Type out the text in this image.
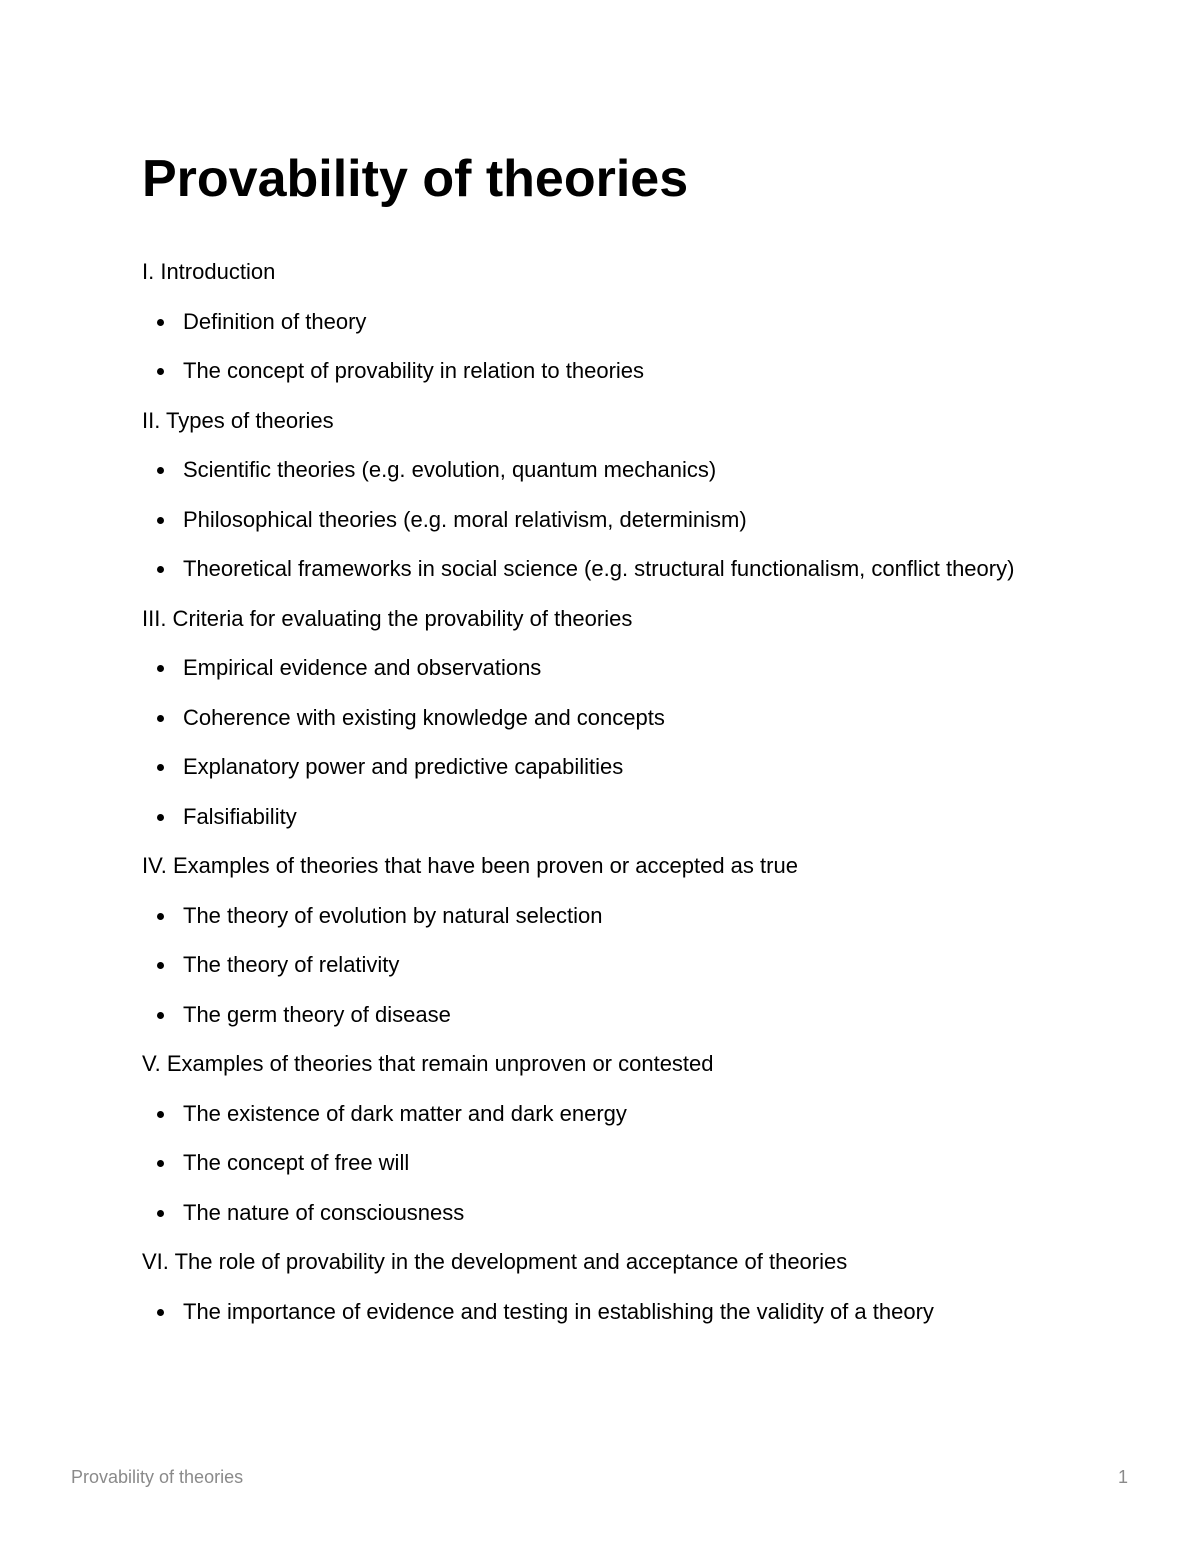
Provability of theories

I. Introduction

Definition of theory
The concept of provability in relation to theories

II. Types of theories

Scientific theories (e.g. evolution, quantum mechanics)
Philosophical theories (e.g. moral relativism, determinism)
Theoretical frameworks in social science (e.g. structural functionalism, conflict theory)

III. Criteria for evaluating the provability of theories

Empirical evidence and observations
Coherence with existing knowledge and concepts
Explanatory power and predictive capabilities
Falsifiability

IV. Examples of theories that have been proven or accepted as true

The theory of evolution by natural selection
The theory of relativity
The germ theory of disease

V. Examples of theories that remain unproven or contested

The existence of dark matter and dark energy
The concept of free will
The nature of consciousness

VI. The role of provability in the development and acceptance of theories

The importance of evidence and testing in establishing the validity of a theory
Provability of theories	1
